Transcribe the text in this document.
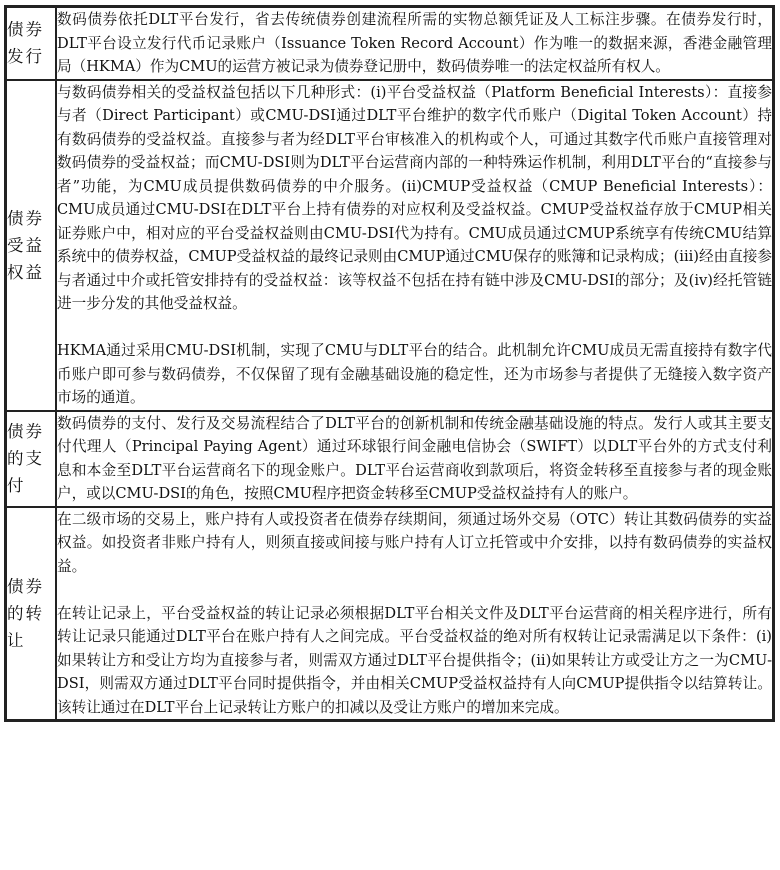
债券发行	数码债券依托DLT平台发行，省去传统债券创建流程所需的实物总额凭证及人工标注步骤。在债券发行时，DLT平台设立发行代币记录账户（Issuance Token Record Account）作为唯一的数据来源，香港金融管理局（HKMA）作为CMU的运营方被记录为债券登记册中，数码债券唯一的法定权益所有权人。

债券受益权益	与数码债券相关的受益权益包括以下几种形式：(i)平台受益权益（Platform Beneficial Interests）：直接参与者（Direct Participant）或CMU-DSI通过DLT平台维护的数字代币账户（Digital Token Account）持有数码债券的受益权益。直接参与者为经DLT平台审核准入的机构或个人，可通过其数字代币账户直接管理对数码债券的受益权益；而CMU-DSI则为DLT平台运营商内部的一种特殊运作机制，利用DLT平台的“直接参与者”功能，为CMU成员提供数码债券的中介服务。(ii)CMUP受益权益（CMUP Beneficial Interests）：CMU成员通过CMU-DSI在DLT平台上持有债券的对应权利及受益权益。CMUP受益权益存放于CMUP相关证券账户中，相对应的平台受益权益则由CMU-DSI代为持有。CMU成员通过CMUP系统享有传统CMU结算系统中的债券权益，CMUP受益权益的最终记录则由CMUP通过CMU保存的账簿和记录构成；(iii)经由直接参与者通过中介或托管安排持有的受益权益：该等权益不包括在持有链中涉及CMU-DSI的部分；及(iv)经托管链进一步分发的其他受益权益。

HKMA通过采用CMU-DSI机制，实现了CMU与DLT平台的结合。此机制允许CMU成员无需直接持有数字代币账户即可参与数码债券，不仅保留了现有金融基础设施的稳定性，还为市场参与者提供了无缝接入数字资产市场的通道。

债券的支付	数码债券的支付、发行及交易流程结合了DLT平台的创新机制和传统金融基础设施的特点。发行人或其主要支付代理人（Principal Paying Agent）通过环球银行间金融电信协会（SWIFT）以DLT平台外的方式支付利息和本金至DLT平台运营商名下的现金账户。DLT平台运营商收到款项后，将资金转移至直接参与者的现金账户，或以CMU-DSI的角色，按照CMU程序把资金转移至CMUP受益权益持有人的账户。

债券的转让	在二级市场的交易上，账户持有人或投资者在债券存续期间，须通过场外交易（OTC）转让其数码债券的实益权益。如投资者非账户持有人，则须直接或间接与账户持有人订立托管或中介安排，以持有数码债券的实益权益。

在转让记录上，平台受益权益的转让记录必须根据DLT平台相关文件及DLT平台运营商的相关程序进行，所有转让记录只能通过DLT平台在账户持有人之间完成。平台受益权益的绝对所有权转让记录需满足以下条件：(i)如果转让方和受让方均为直接参与者，则需双方通过DLT平台提供指令；(ii)如果转让方或受让方之一为CMU-DSI，则需双方通过DLT平台同时提供指令，并由相关CMUP受益权益持有人向CMUP提供指令以结算转让。该转让通过在DLT平台上记录转让方账户的扣减以及受让方账户的增加来完成。
